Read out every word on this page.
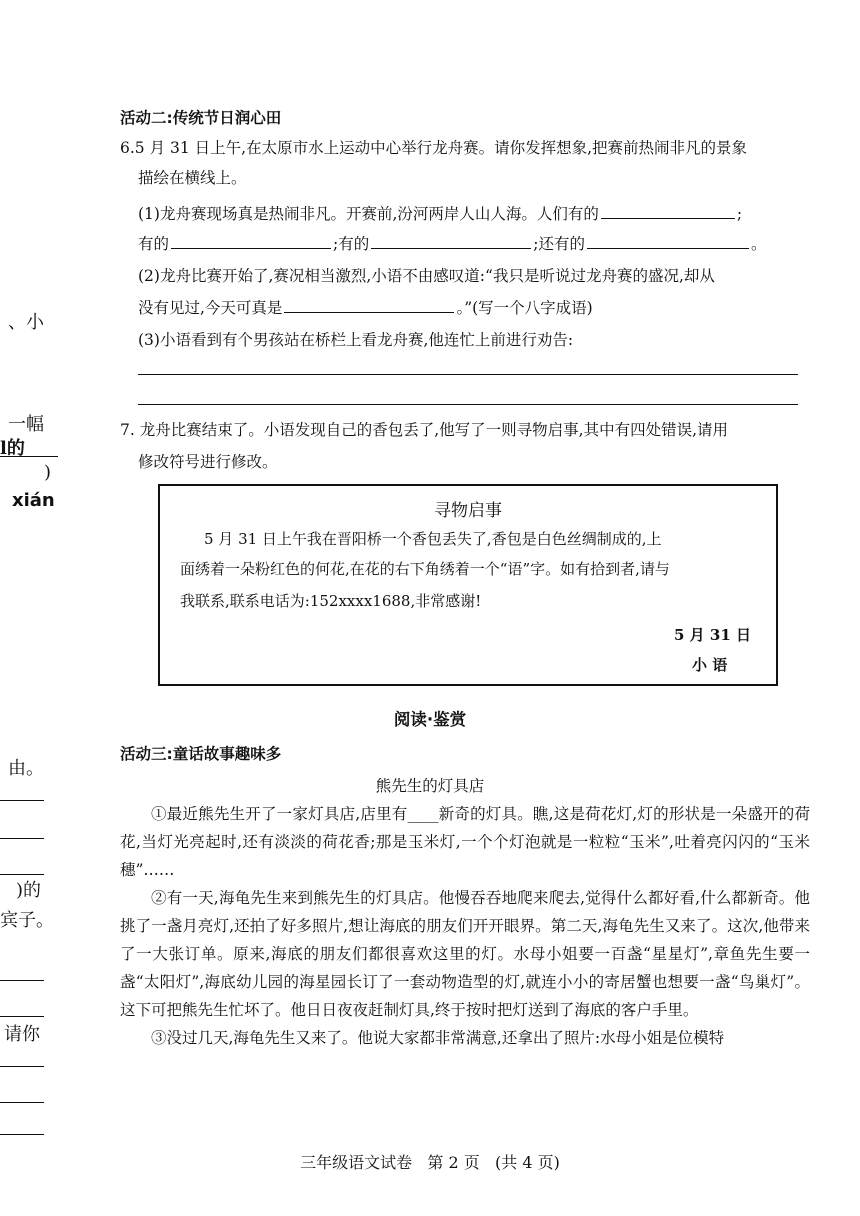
、小
一幅
l的
)
xián
由。
)的
宾子。
请你
活动二:传统节日润心田
6.5 月 31 日上午,在太原市水上运动中心举行龙舟赛。请你发挥想象,把赛前热闹非凡的景象
描绘在横线上。
(1)龙舟赛现场真是热闹非凡。开赛前,汾河两岸人山人海。人们有的	;
有的	;有的	;还有的	。
(2)龙舟比赛开始了,赛况相当激烈,小语不由感叹道:“我只是听说过龙舟赛的盛况,却从
没有见过,今天可真是	。”(写一个八字成语)
(3)小语看到有个男孩站在桥栏上看龙舟赛,他连忙上前进行劝告:
7. 龙舟比赛结束了。小语发现自己的香包丢了,他写了一则寻物启事,其中有四处错误,请用
修改符号进行修改。
寻物启事
5 月 31 日上午我在晋阳桥一个香包丢失了,香包是白色丝绸制成的,上
面绣着一朵粉红色的何花,在花的右下角绣着一个“语”字。如有拾到者,请与
我联系,联系电话为:152xxxx1688,非常感谢!
5 月 31 日
小 语
阅读·鉴赏
活动三:童话故事趣味多
熊先生的灯具店

①最近熊先生开了一家灯具店,店里有____新奇的灯具。瞧,这是荷花灯,灯的形状是一朵盛开的荷花,当灯光亮起时,还有淡淡的荷花香;那是玉米灯,一个个灯泡就是一粒粒“玉米”,吐着亮闪闪的“玉米穗”……

②有一天,海龟先生来到熊先生的灯具店。他慢吞吞地爬来爬去,觉得什么都好看,什么都新奇。他挑了一盏月亮灯,还拍了好多照片,想让海底的朋友们开开眼界。第二天,海龟先生又来了。这次,他带来了一大张订单。原来,海底的朋友们都很喜欢这里的灯。水母小姐要一百盏“星星灯”,章鱼先生要一盏“太阳灯”,海底幼儿园的海星园长订了一套动物造型的灯,就连小小的寄居蟹也想要一盏“鸟巢灯”。这下可把熊先生忙坏了。他日日夜夜赶制灯具,终于按时把灯送到了海底的客户手里。

③没过几天,海龟先生又来了。他说大家都非常满意,还拿出了照片:水母小姐是位模特

三年级语文试卷   第 2 页   (共 4 页)
